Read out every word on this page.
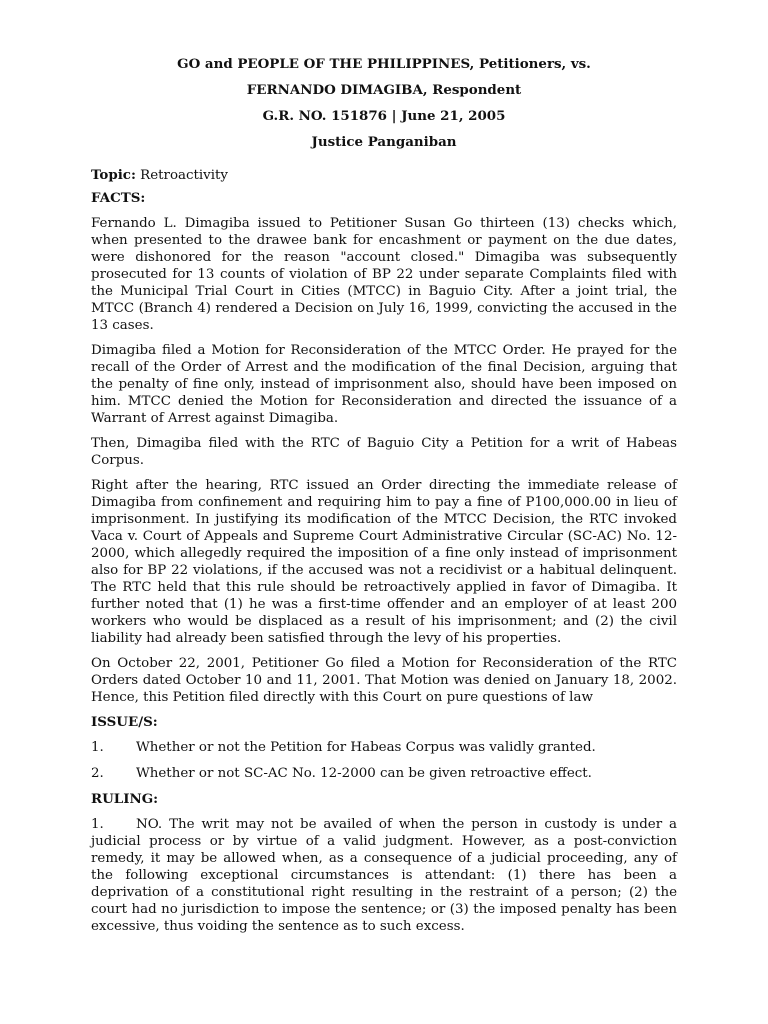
GO and PEOPLE OF THE PHILIPPINES, Petitioners, vs.
FERNANDO DIMAGIBA, Respondent
G.R. NO. 151876 | June 21, 2005
Justice Panganiban
Topic: Retroactivity
FACTS:

Fernando L. Dimagiba issued to Petitioner Susan Go thirteen (13) checks which, when presented to the drawee bank for encashment or payment on the due dates, were dishonored for the reason "account closed." Dimagiba was subsequently prosecuted for 13 counts of violation of BP 22 under separate Complaints filed with the Municipal Trial Court in Cities (MTCC) in Baguio City. After a joint trial, the MTCC (Branch 4) rendered a Decision on July 16, 1999, convicting the accused in the 13 cases.

Dimagiba filed a Motion for Reconsideration of the MTCC Order. He prayed for the recall of the Order of Arrest and the modification of the final Decision, arguing that the penalty of fine only, instead of imprisonment also, should have been imposed on him. MTCC denied the Motion for Reconsideration and directed the issuance of a Warrant of Arrest against Dimagiba.

Then, Dimagiba filed with the RTC of Baguio City a Petition for a writ of Habeas Corpus.

Right after the hearing, RTC issued an Order directing the immediate release of Dimagiba from confinement and requiring him to pay a fine of P100,000.00 in lieu of imprisonment. In justifying its modification of the MTCC Decision, the RTC invoked Vaca v. Court of Appeals and Supreme Court Administrative Circular (SC-AC) No. 12-2000, which allegedly required the imposition of a fine only instead of imprisonment also for BP 22 violations, if the accused was not a recidivist or a habitual delinquent. The RTC held that this rule should be retroactively applied in favor of Dimagiba. It further noted that (1) he was a first-time offender and an employer of at least 200 workers who would be displaced as a result of his imprisonment; and (2) the civil liability had already been satisfied through the levy of his properties.

On October 22, 2001, Petitioner Go filed a Motion for Reconsideration of the RTC Orders dated October 10 and 11, 2001. That Motion was denied on January 18, 2002. Hence, this Petition filed directly with this Court on pure questions of law

ISSUE/S:
1.	Whether or not the Petition for Habeas Corpus was validly granted.
2.	Whether or not SC-AC No. 12-2000 can be given retroactive effect.
RULING:

1. NO. The writ may not be availed of when the person in custody is under a judicial process or by virtue of a valid judgment. However, as a post-conviction remedy, it may be allowed when, as a consequence of a judicial proceeding, any of the following exceptional circumstances is attendant: (1) there has been a deprivation of a constitutional right resulting in the restraint of a person; (2) the court had no jurisdiction to impose the sentence; or (3) the imposed penalty has been excessive, thus voiding the sentence as to such excess.
